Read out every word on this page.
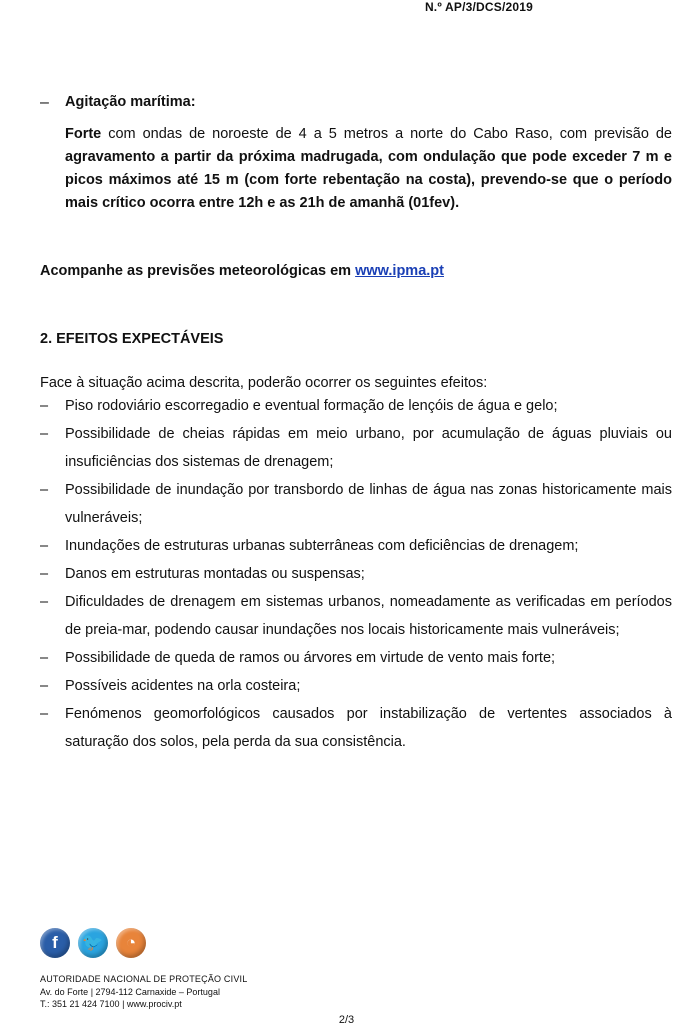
N.º AP/3/DCS/2019
–	Agitação marítima:
Forte com ondas de noroeste de 4 a 5 metros a norte do Cabo Raso, com previsão de agravamento a partir da próxima madrugada, com ondulação que pode exceder 7 m e picos máximos até 15 m (com forte rebentação na costa), prevendo-se que o período mais crítico ocorra entre 12h e as 21h de amanhã (01fev).
Acompanhe as previsões meteorológicas em www.ipma.pt
2. EFEITOS EXPECTÁVEIS
Face à situação acima descrita, poderão ocorrer os seguintes efeitos:
– Piso rodoviário escorregadio e eventual formação de lençóis de água e gelo;
– Possibilidade de cheias rápidas em meio urbano, por acumulação de águas pluviais ou insuficiências dos sistemas de drenagem;
– Possibilidade de inundação por transbordo de linhas de água nas zonas historicamente mais vulneráveis;
– Inundações de estruturas urbanas subterrâneas com deficiências de drenagem;
– Danos em estruturas montadas ou suspensas;
– Dificuldades de drenagem em sistemas urbanos, nomeadamente as verificadas em períodos de preia-mar, podendo causar inundações nos locais historicamente mais vulneráveis;
– Possibilidade de queda de ramos ou árvores em virtude de vento mais forte;
– Possíveis acidentes na orla costeira;
– Fenómenos geomorfológicos causados por instabilização de vertentes associados à saturação dos solos, pela perda da sua consistência.
f	🐦	◔
AUTORIDADE NACIONAL DE PROTEÇÃO CIVIL
Av. do Forte | 2794-112 Carnaxide – Portugal
T.: 351 21 424 7100 | www.prociv.pt
2/3
